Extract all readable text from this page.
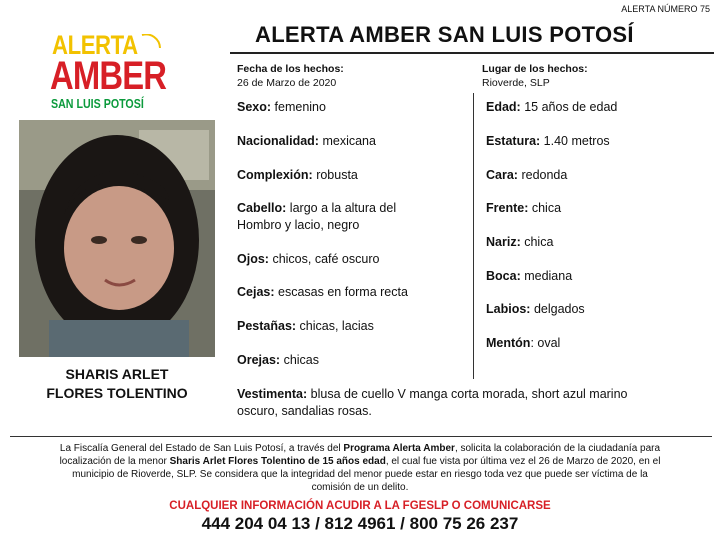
ALERTA NÚMERO 75
ALERTA AMBER SAN LUIS POTOSÍ
ALERTA
AMBER
SAN LUIS POTOSÍ
SHARIS ARLET
FLORES TOLENTINO
Fecha de los hechos:
26 de Marzo de 2020
Lugar de los hechos:
Rioverde, SLP
Sexo: femenino
Nacionalidad: mexicana
Complexión: robusta
Cabello: largo a la altura del
Hombro y lacio, negro
Ojos: chicos, café oscuro
Cejas: escasas en forma recta
Pestañas: chicas, lacias
Orejas: chicas
Edad: 15 años de edad
Estatura: 1.40 metros
Cara: redonda
Frente: chica
Nariz: chica
Boca: mediana
Labios: delgados
Mentón: oval
Vestimenta: blusa de cuello V manga corta morada, short azul marino
oscuro, sandalias rosas.
La Fiscalía General del Estado de San Luis Potosí, a través del Programa Alerta Amber, solicita la colaboración de la ciudadanía para
localización de la menor Sharis Arlet Flores Tolentino de 15 años edad, el cual fue vista por última vez el 26 de Marzo de 2020, en el
municipio de Rioverde, SLP. Se considera que la integridad del menor puede estar en riesgo toda vez que puede ser víctima de la
comisión de un delito.
CUALQUIER INFORMACIÓN ACUDIR A LA FGESLP O COMUNICARSE
444 204 04 13 / 812 4961 / 800 75 26 237
